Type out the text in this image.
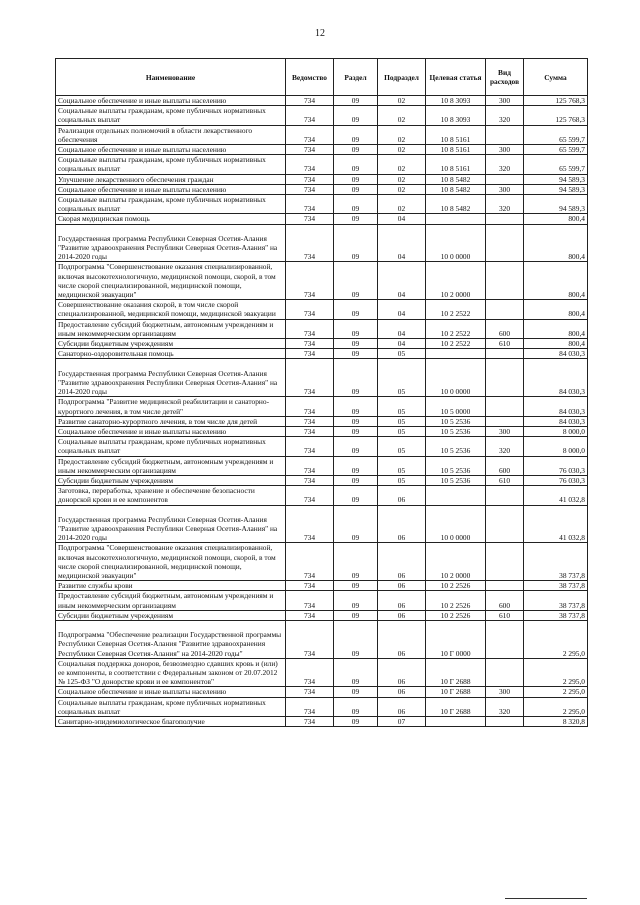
12
Наименование	Ведомство	Раздел	Подраздел	Целевая статья	Вид расходов	Сумма
Социальное обеспечение и иные выплаты населению	734	09	02	10 8 3093	300	125 768,3
Социальные выплаты гражданам, кроме публичных нормативных социальных выплат	734	09	02	10 8 3093	320	125 768,3
Реализация отдельных полномочий в области лекарственного обеспечения	734	09	02	10 8 5161		65 599,7
Социальное обеспечение и иные выплаты населению	734	09	02	10 8 5161	300	65 599,7
Социальные выплаты гражданам, кроме публичных нормативных социальных выплат	734	09	02	10 8 5161	320	65 599,7
Улучшение лекарственного обеспечения граждан	734	09	02	10 8 5482		94 589,3
Социальное обеспечение и иные выплаты населению	734	09	02	10 8 5482	300	94 589,3
Социальные выплаты гражданам, кроме публичных нормативных социальных выплат	734	09	02	10 8 5482	320	94 589,3
Скорая медицинская помощь	734	09	04			800,4

Государственная программа Республики Северная Осетия-Алания "Развитие здравоохранения Республики Северная Осетия-Алания" на 2014-2020 годы	734	09	04	10 0 0000		800,4
Подпрограмма "Совершенствование оказания специализированной, включая высокотехнологичную, медицинской помощи, скорой, в том числе скорой специализированной, медицинской помощи, медицинской эвакуации"	734	09	04	10 2 0000		800,4
Совершенствование оказания скорой, в том числе скорой специализированной, медицинской помощи, медицинской эвакуации	734	09	04	10 2 2522		800,4
Предоставление субсидий бюджетным, автономным учреждениям и иным некоммерческим организациям	734	09	04	10 2 2522	600	800,4
Субсидии бюджетным учреждениям	734	09	04	10 2 2522	610	800,4
Санаторно-оздоровительная помощь	734	09	05			84 030,3

Государственная программа Республики Северная Осетия-Алания "Развитие здравоохранения Республики Северная Осетия-Алания" на 2014-2020 годы	734	09	05	10 0 0000		84 030,3
Подпрограмма "Развитие медицинской реабилитации и санаторно-курортного лечения, в том числе детей"	734	09	05	10 5 0000		84 030,3
Развитие санаторно-курортного лечения, в том числе для детей	734	09	05	10 5 2536		84 030,3
Социальное обеспечение и иные выплаты населению	734	09	05	10 5 2536	300	8 000,0
Социальные выплаты гражданам, кроме публичных нормативных социальных выплат	734	09	05	10 5 2536	320	8 000,0
Предоставление субсидий бюджетным, автономным учреждениям и иным некоммерческим организациям	734	09	05	10 5 2536	600	76 030,3
Субсидии бюджетным учреждениям	734	09	05	10 5 2536	610	76 030,3
Заготовка, переработка, хранение и обеспечение безопасности донорской крови и ее компонентов	734	09	06			41 032,8

Государственная программа Республики Северная Осетия-Алания "Развитие здравоохранения Республики Северная Осетия-Алания" на 2014-2020 годы	734	09	06	10 0 0000		41 032,8
Подпрограмма "Совершенствование оказания специализированной, включая высокотехнологичную, медицинской помощи, скорой, в том числе скорой специализированной, медицинской помощи, медицинской эвакуации"	734	09	06	10 2 0000		38 737,8
Развитие службы крови	734	09	06	10 2 2526		38 737,8
Предоставление субсидий бюджетным, автономным учреждениям и иным некоммерческим организациям	734	09	06	10 2 2526	600	38 737,8
Субсидии бюджетным учреждениям	734	09	06	10 2 2526	610	38 737,8

Подпрограмма "Обеспечение реализации Государственной программы Республики Северная Осетия-Алания "Развитие здравоохранения Республики Северная Осетия-Алания" на 2014-2020 годы"	734	09	06	10 Г 0000		2 295,0
Социальная поддержка доноров, безвозмездно сдавших кровь и (или) ее компоненты, в соответствии с Федеральным законом от 20.07.2012 № 125-ФЗ "О донорстве крови и ее компонентов"	734	09	06	10 Г 2688		2 295,0
Социальное обеспечение и иные выплаты населению	734	09	06	10 Г 2688	300	2 295,0
Социальные выплаты гражданам, кроме публичных нормативных социальных выплат	734	09	06	10 Г 2688	320	2 295,0
Санитарно-эпидемиологическое благополучие	734	09	07			8 320,8
